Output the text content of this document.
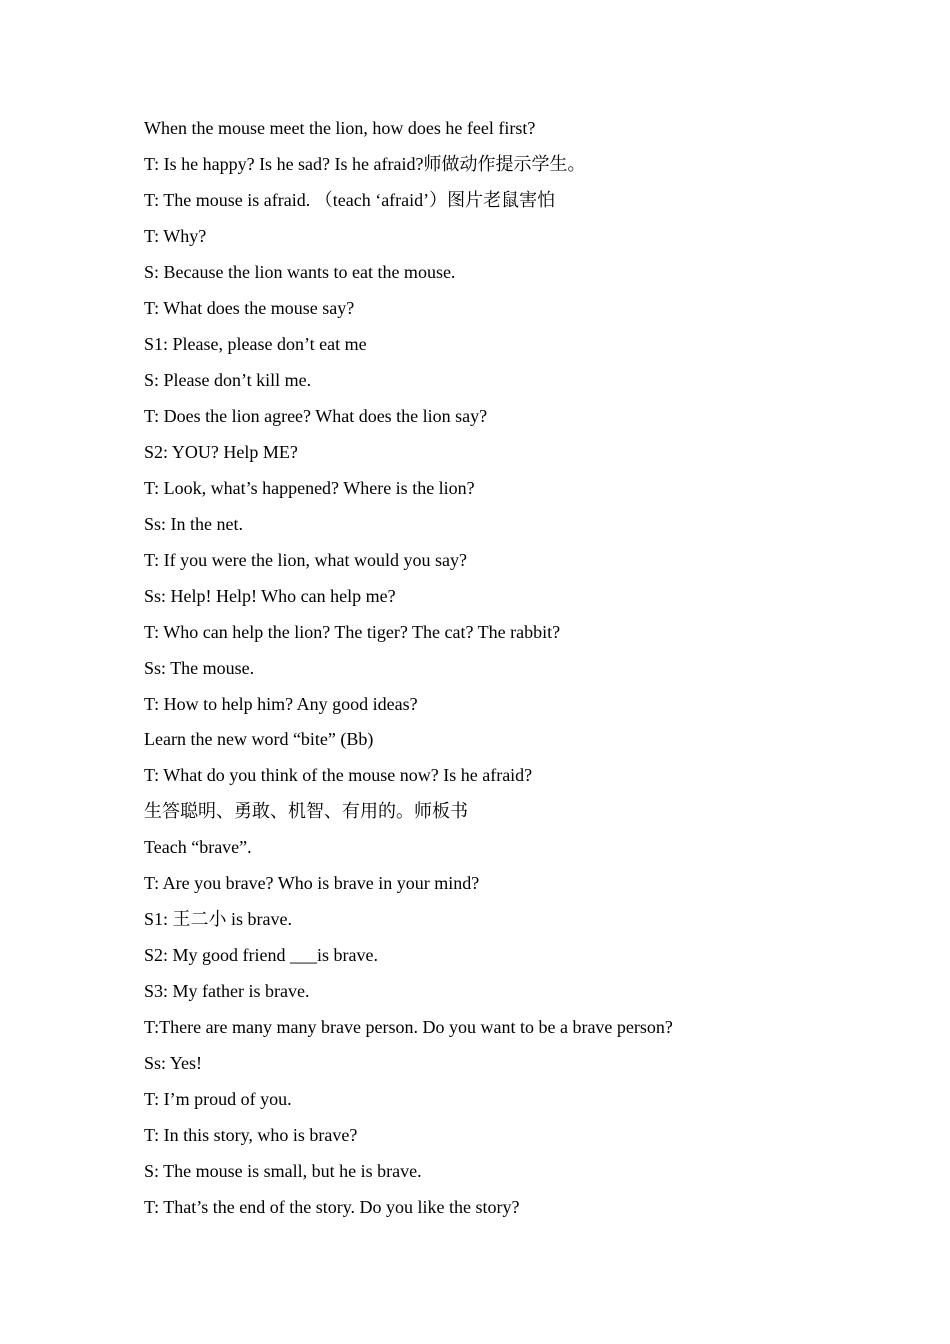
When the mouse meet the lion, how does he feel first?
T: Is he happy? Is he sad? Is he afraid?师做动作提示学生。
T: The mouse is afraid. （teach ‘afraid’）图片老鼠害怕
T: Why?
S: Because the lion wants to eat the mouse.
T: What does the mouse say?
S1: Please, please don’t eat me
S: Please don’t kill me.
T: Does the lion agree? What does the lion say?
S2: YOU? Help ME?
T: Look, what’s happened? Where is the lion?
Ss: In the net.
T: If you were the lion, what would you say?
Ss: Help! Help! Who can help me?
T: Who can help the lion? The tiger? The cat? The rabbit?
Ss: The mouse.
T: How to help him? Any good ideas?
Learn the new word “bite” (Bb)
T: What do you think of the mouse now? Is he afraid?
生答聪明、勇敢、机智、有用的。师板书
Teach “brave”.
T: Are you brave? Who is brave in your mind?
S1: 王二小 is brave.
S2: My good friend ___is brave.
S3: My father is brave.
T:There are many many brave person. Do you want to be a brave person?
Ss: Yes!
T: I’m proud of you.
T: In this story, who is brave?
S: The mouse is small, but he is brave.
T: That’s the end of the story. Do you like the story?
